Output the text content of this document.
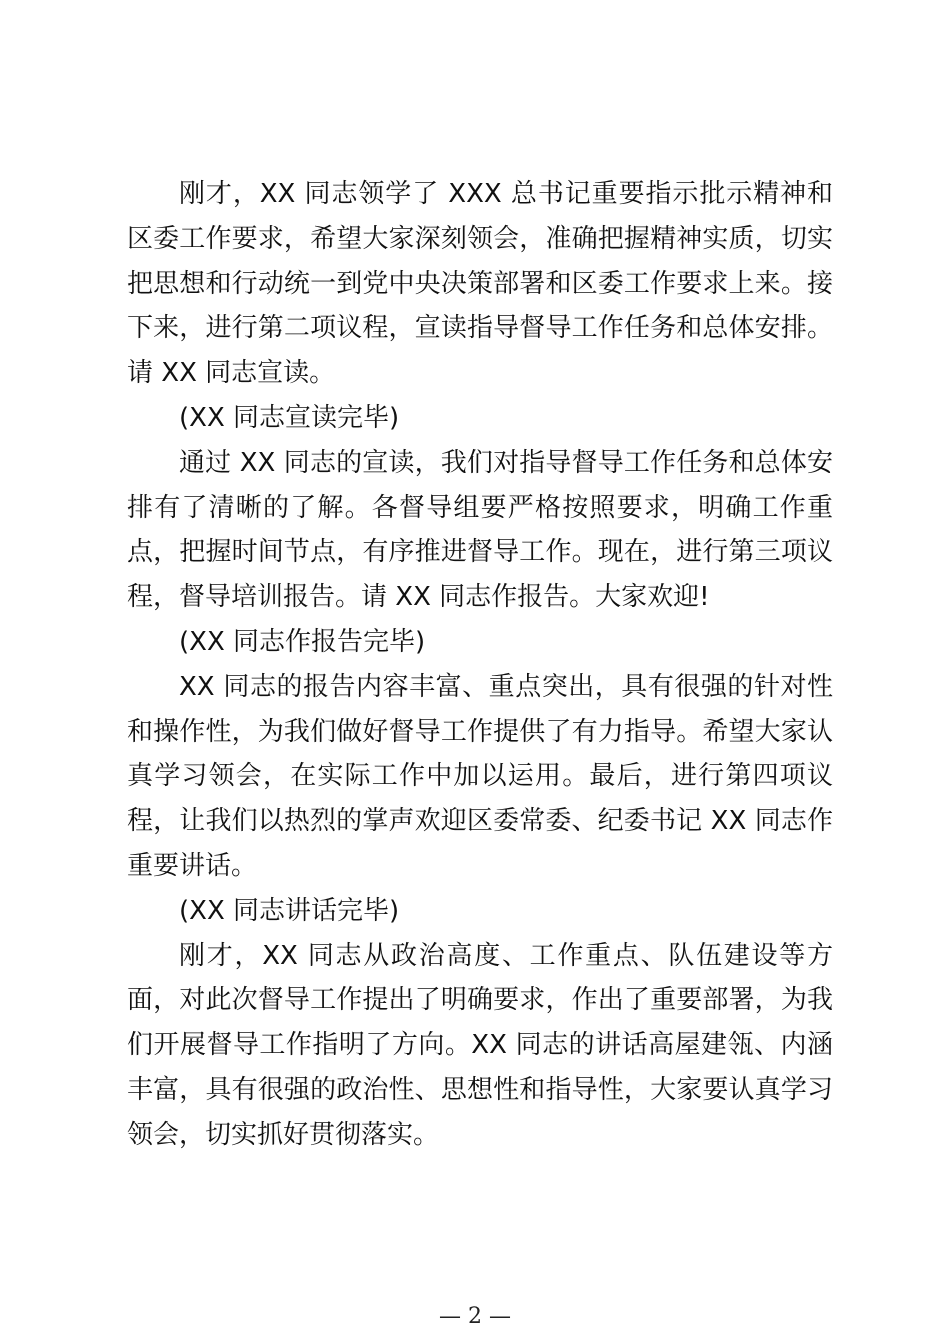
刚才，XX 同志领学了 XXX 总书记重要指示批示精神和区委工作要求，希望大家深刻领会，准确把握精神实质，切实把思想和行动统一到党中央决策部署和区委工作要求上来。接下来，进行第二项议程，宣读指导督导工作任务和总体安排。请 XX 同志宣读。

(XX 同志宣读完毕)

通过 XX 同志的宣读，我们对指导督导工作任务和总体安排有了清晰的了解。各督导组要严格按照要求，明确工作重点，把握时间节点，有序推进督导工作。现在，进行第三项议程，督导培训报告。请 XX 同志作报告。大家欢迎!

(XX 同志作报告完毕)

XX 同志的报告内容丰富、重点突出，具有很强的针对性和操作性，为我们做好督导工作提供了有力指导。希望大家认真学习领会，在实际工作中加以运用。最后，进行第四项议程，让我们以热烈的掌声欢迎区委常委、纪委书记 XX 同志作重要讲话。

(XX 同志讲话完毕)

刚才，XX 同志从政治高度、工作重点、队伍建设等方面，对此次督导工作提出了明确要求，作出了重要部署，为我们开展督导工作指明了方向。XX 同志的讲话高屋建瓴、内涵丰富，具有很强的政治性、思想性和指导性，大家要认真学习领会，切实抓好贯彻落实。

— 2 —
